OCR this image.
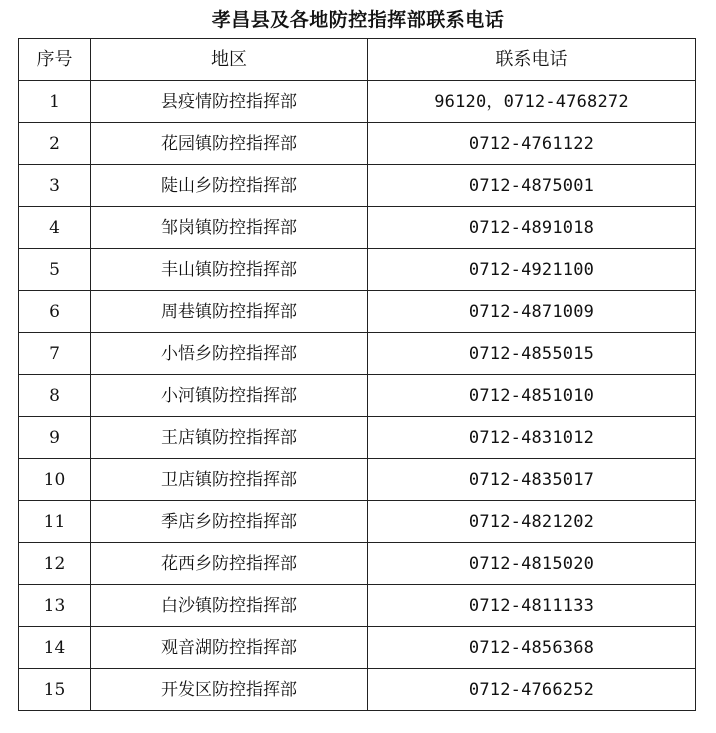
孝昌县及各地防控指挥部联系电话
序号	地区	联系电话
1	县疫情防控指挥部	96120，0712-4768272
2	花园镇防控指挥部	0712-4761122
3	陡山乡防控指挥部	0712-4875001
4	邹岗镇防控指挥部	0712-4891018
5	丰山镇防控指挥部	0712-4921100
6	周巷镇防控指挥部	0712-4871009
7	小悟乡防控指挥部	0712-4855015
8	小河镇防控指挥部	0712-4851010
9	王店镇防控指挥部	0712-4831012
10	卫店镇防控指挥部	0712-4835017
11	季店乡防控指挥部	0712-4821202
12	花西乡防控指挥部	0712-4815020
13	白沙镇防控指挥部	0712-4811133
14	观音湖防控指挥部	0712-4856368
15	开发区防控指挥部	0712-4766252
